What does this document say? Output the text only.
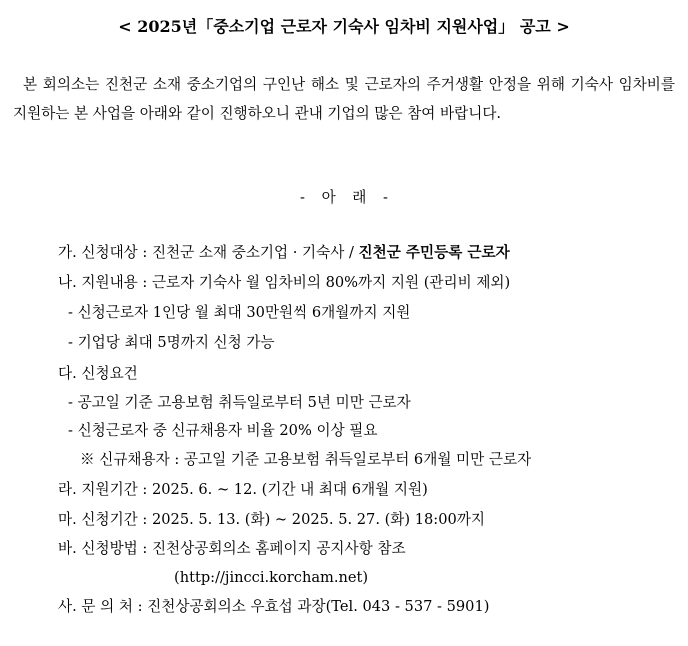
< 2025년「중소기업 근로자 기숙사 임차비 지원사업」 공고 >
본 회의소는 진천군 소재 중소기업의 구인난 해소 및 근로자의 주거생활 안정을 위해 기숙사 임차비를 지원하는 본 사업을 아래와 같이 진행하오니 관내 기업의 많은 참여 바랍니다.
- 아 래 -
가. 신청대상 : 진천군 소재 중소기업 · 기숙사 / 진천군 주민등록 근로자
나. 지원내용 : 근로자 기숙사 월 임차비의 80%까지 지원 (관리비 제외)
- 신청근로자 1인당 월 최대 30만원씩 6개월까지 지원
- 기업당 최대 5명까지 신청 가능
다. 신청요건
- 공고일 기준 고용보험 취득일로부터 5년 미만 근로자
- 신청근로자 중 신규채용자 비율 20% 이상 필요
※ 신규채용자 : 공고일 기준 고용보험 취득일로부터 6개월 미만 근로자
라. 지원기간 : 2025. 6. ~ 12. (기간 내 최대 6개월 지원)
마. 신청기간 : 2025. 5. 13. (화) ~ 2025. 5. 27. (화) 18:00까지
바. 신청방법 : 진천상공회의소 홈페이지 공지사항 참조
(http://jincci.korcham.net)
사. 문 의 처 : 진천상공회의소 우효섭 과장(Tel. 043 - 537 - 5901)
